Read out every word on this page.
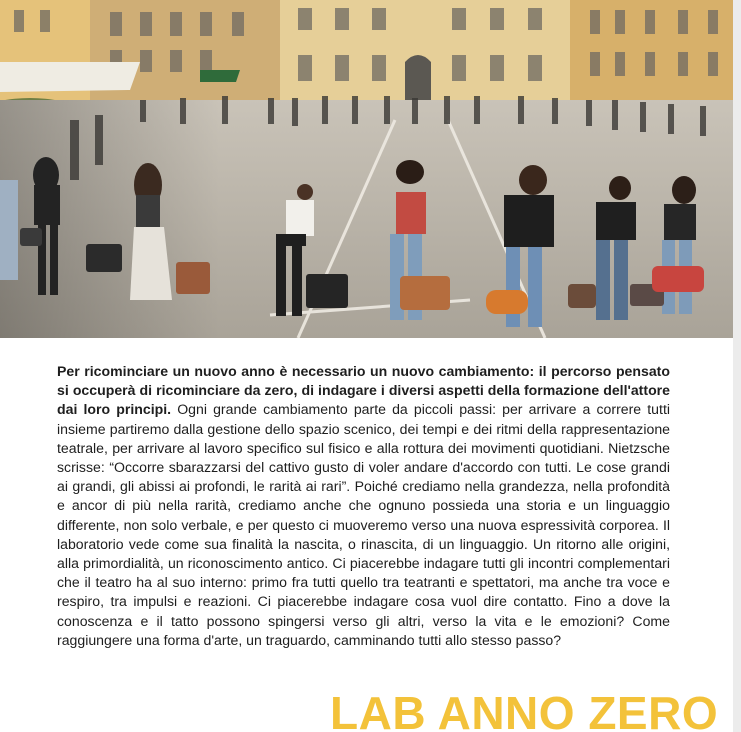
Per ricominciare un nuovo anno è necessario un nuovo cambiamento: il percorso pensato si occuperà di ricominciare da zero, di indagare i diversi aspetti della formazione dell'attore dai loro principi. Ogni grande cambiamento parte da piccoli passi: per arrivare a correre tutti insieme partiremo dalla gestione dello spazio scenico, dei tempi e dei ritmi della rappresentazione teatrale, per arrivare al lavoro specifico sul fisico e alla rottura dei movimenti quotidiani. Nietzsche scrisse: “Occorre sbarazzarsi del cattivo gusto di voler andare d'accordo con tutti. Le cose grandi ai grandi, gli abissi ai profondi, le rarità ai rari”. Poiché crediamo nella grandezza, nella profondità e ancor di più nella rarità, crediamo anche che ognuno possieda una storia e un linguaggio differente, non solo verbale, e per questo ci muoveremo verso una nuova espressività corporea. Il laboratorio vede come sua finalità la nascita, o rinascita, di un linguaggio. Un ritorno alle origini, alla primordialità, un riconoscimento antico. Ci piacerebbe indagare tutti gli incontri complementari che il teatro ha al suo interno: primo fra tutti quello tra teatranti e spettatori, ma anche tra voce e respiro, tra impulsi e reazioni. Ci piacerebbe indagare cosa vuol dire contatto. Fino a dove la conoscenza e il tatto possono spingersi verso gli altri, verso la vita e le emozioni? Come raggiungere una forma d'arte, un traguardo, camminando tutti allo stesso passo?
LAB ANNO ZERO
